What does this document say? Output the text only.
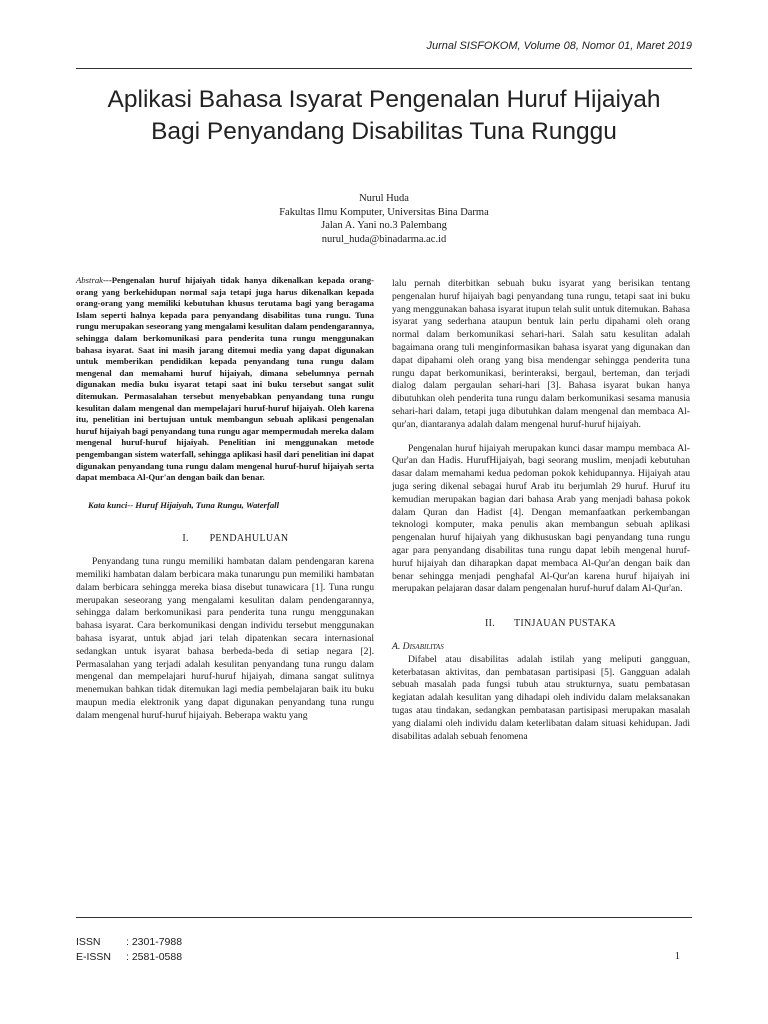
Jurnal SISFOKOM, Volume 08, Nomor 01, Maret 2019
Aplikasi Bahasa Isyarat Pengenalan Huruf Hijaiyah
Bagi Penyandang Disabilitas Tuna Runggu
Nurul Huda
Fakultas Ilmu Komputer, Universitas Bina Darma
Jalan A. Yani no.3 Palembang
nurul_huda@binadarma.ac.id

Abstrak---Pengenalan huruf hijaiyah tidak hanya dikenalkan kepada orang-orang yang berkehidupan normal saja tetapi juga harus dikenalkan kepada orang-orang yang memiliki kebutuhan khusus terutama bagi yang beragama Islam seperti halnya kepada para penyandang disabilitas tuna rungu. Tuna rungu merupakan seseorang yang mengalami kesulitan dalam pendengarannya, sehingga dalam berkomunikasi para penderita tuna rungu menggunakan bahasa isyarat. Saat ini masih jarang ditemui media yang dapat digunakan untuk memberikan pendidikan kepada penyandang tuna rungu dalam mengenal dan memahami huruf hijaiyah, dimana sebelumnya pernah digunakan media buku isyarat tetapi saat ini buku tersebut sangat sulit ditemukan. Permasalahan tersebut menyebabkan penyandang tuna rungu kesulitan dalam mengenal dan mempelajari huruf-huruf hijaiyah. Oleh karena itu, penelitian ini bertujuan untuk membangun sebuah aplikasi pengenalan huruf hijaiyah bagi penyandang tuna rungu agar mempermudah mereka dalam mengenal huruf-huruf hijaiyah. Penelitian ini menggunakan metode pengembangan sistem waterfall, sehingga aplikasi hasil dari penelitian ini dapat digunakan penyandang tuna rungu dalam mengenal huruf-huruf hijaiyah serta dapat membaca Al-Qur'an dengan baik dan benar.

Kata kunci-- Huruf Hijaiyah, Tuna Rungu, Waterfall

I. PENDAHULUAN

Penyandang tuna rungu memiliki hambatan dalam pendengaran karena memiliki hambatan dalam berbicara maka tunarungu pun memiliki hambatan dalam berbicara sehingga mereka biasa disebut tunawicara [1]. Tuna rungu merupakan seseorang yang mengalami kesulitan dalam pendengarannya, sehingga dalam berkomunikasi para penderita tuna rungu menggunakan bahasa isyarat. Cara berkomunikasi dengan individu tersebut menggunakan bahasa isyarat, untuk abjad jari telah dipatenkan secara internasional sedangkan untuk isyarat bahasa berbeda-beda di setiap negara [2]. Permasalahan yang terjadi adalah kesulitan penyandang tuna rungu dalam mengenal dan mempelajari huruf-huruf hijaiyah, dimana sangat sulitnya menemukan bahkan tidak ditemukan lagi media pembelajaran baik itu buku maupun media elektronik yang dapat digunakan penyandang tuna rungu dalam mengenal huruf-huruf hijaiyah. Beberapa waktu yang

lalu pernah diterbitkan sebuah buku isyarat yang berisikan tentang pengenalan huruf hijaiyah bagi penyandang tuna rungu, tetapi saat ini buku yang menggunakan bahasa isyarat itupun telah sulit untuk ditemukan. Bahasa isyarat yang sederhana ataupun bentuk lain perlu dipahami oleh orang normal dalam berkomunikasi sehari-hari. Salah satu kesulitan adalah bagaimana orang tuli menginformasikan bahasa isyarat yang digunakan dan dapat dipahami oleh orang yang bisa mendengar sehingga penderita tuna rungu dapat berkomunikasi, berinteraksi, bergaul, berteman, dan terjadi dialog dalam pergaulan sehari-hari [3]. Bahasa isyarat bukan hanya dibutuhkan oleh penderita tuna rungu dalam berkomunikasi sesama manusia sehari-hari dalam, tetapi juga dibutuhkan dalam mengenal dan membaca Al-qur'an, diantaranya adalah dalam mengenal huruf-huruf hijaiyah.

Pengenalan huruf hijaiyah merupakan kunci dasar mampu membaca Al-Qur'an dan Hadis. HurufHijaiyah, bagi seorang muslim, menjadi kebutuhan dasar dalam memahami kedua pedoman pokok kehidupannya. Hijaiyah atau juga sering dikenal sebagai huruf Arab itu berjumlah 29 huruf. Huruf itu kemudian merupakan bagian dari bahasa Arab yang menjadi bahasa pokok dalam Quran dan Hadist [4]. Dengan memanfaatkan perkembangan teknologi komputer, maka penulis akan membangun sebuah aplikasi pengenalan huruf hijaiyah yang dikhususkan bagi penyandang tuna rungu agar para penyandang disabilitas tuna rungu dapat lebih mengenal huruf-huruf hijaiyah dan diharapkan dapat membaca Al-Qur'an dengan baik dan benar sehingga menjadi penghafal Al-Qur'an karena huruf hijaiyah ini merupakan pelajaran dasar dalam pengenalan huruf-huruf dalam Al-Qur'an.

II. TINJAUAN PUSTAKA

A. Disabilitas

Difabel atau disabilitas adalah istilah yang meliputi gangguan, keterbatasan aktivitas, dan pembatasan partisipasi [5]. Gangguan adalah sebuah masalah pada fungsi tubuh atau strukturnya, suatu pembatasan kegiatan adalah kesulitan yang dihadapi oleh individu dalam melaksanakan tugas atau tindakan, sedangkan pembatasan partisipasi merupakan masalah yang dialami oleh individu dalam keterlibatan dalam situasi kehidupan. Jadi disabilitas adalah sebuah fenomena

ISSN : 2301-7988
E-ISSN : 2581-0588	1
